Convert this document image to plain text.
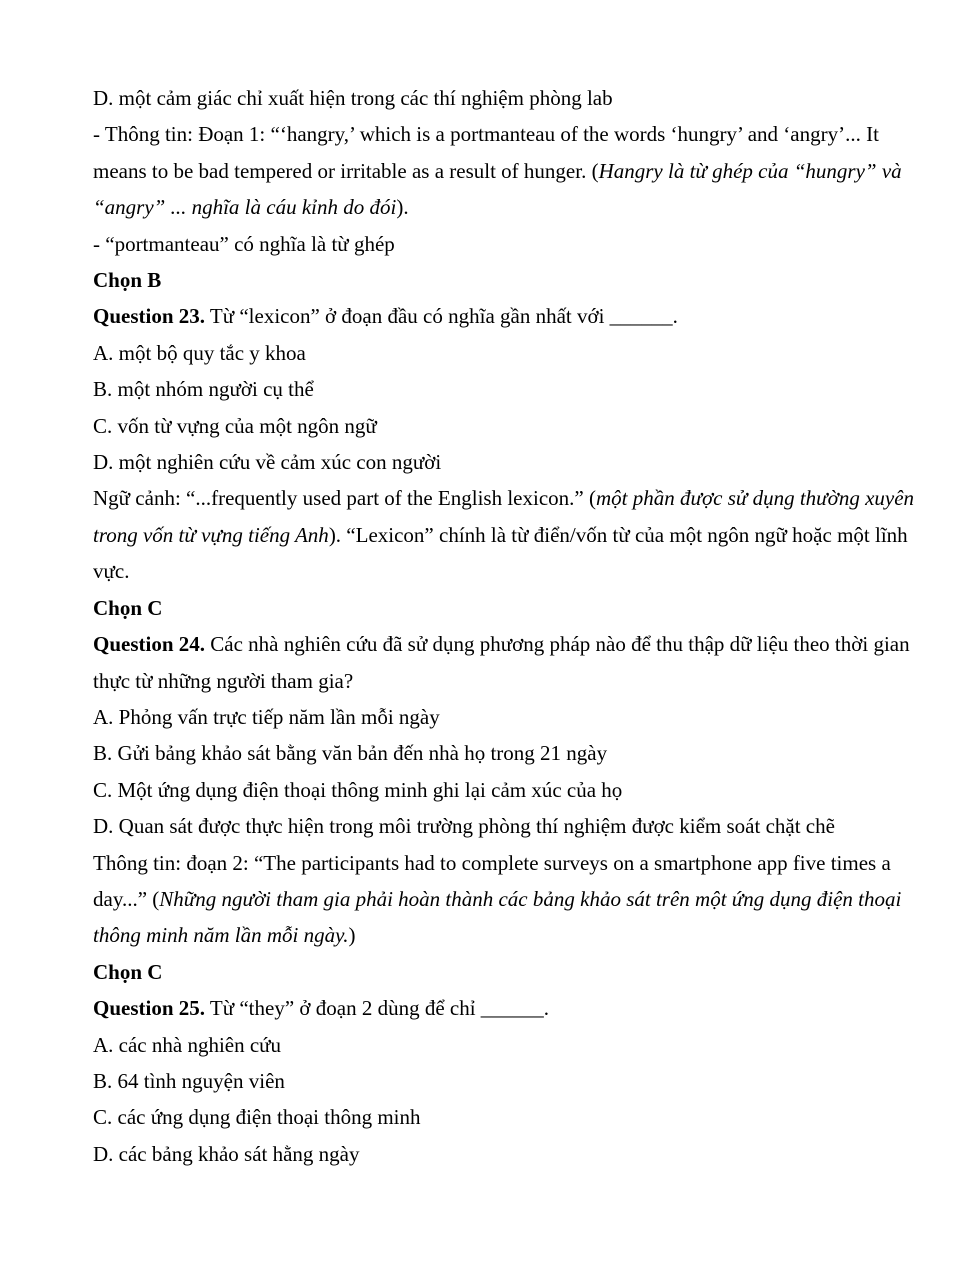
D. một cảm giác chỉ xuất hiện trong các thí nghiệm phòng lab
- Thông tin: Đoạn 1: “‘hangry,’ which is a portmanteau of the words ‘hungry’ and ‘angry’... It
means to be bad tempered or irritable as a result of hunger. (Hangry là từ ghép của “hungry” và
“angry” ... nghĩa là cáu kỉnh do đói).
- “portmanteau” có nghĩa là từ ghép
Chọn B
Question 23. Từ “lexicon” ở đoạn đầu có nghĩa gần nhất với ______.
A. một bộ quy tắc y khoa
B. một nhóm người cụ thể
C. vốn từ vựng của một ngôn ngữ
D. một nghiên cứu về cảm xúc con người
Ngữ cảnh: “...frequently used part of the English lexicon.” (một phần được sử dụng thường xuyên
trong vốn từ vựng tiếng Anh). “Lexicon” chính là từ điển/vốn từ của một ngôn ngữ hoặc một lĩnh
vực.
Chọn C
Question 24. Các nhà nghiên cứu đã sử dụng phương pháp nào để thu thập dữ liệu theo thời gian
thực từ những người tham gia?
A. Phỏng vấn trực tiếp năm lần mỗi ngày
B. Gửi bảng khảo sát bằng văn bản đến nhà họ trong 21 ngày
C. Một ứng dụng điện thoại thông minh ghi lại cảm xúc của họ
D. Quan sát được thực hiện trong môi trường phòng thí nghiệm được kiểm soát chặt chẽ
Thông tin: đoạn 2: “The participants had to complete surveys on a smartphone app five times a
day...” (Những người tham gia phải hoàn thành các bảng khảo sát trên một ứng dụng điện thoại
thông minh năm lần mỗi ngày.)
Chọn C
Question 25. Từ “they” ở đoạn 2 dùng để chỉ ______.
A. các nhà nghiên cứu
B. 64 tình nguyện viên
C. các ứng dụng điện thoại thông minh
D. các bảng khảo sát hằng ngày
